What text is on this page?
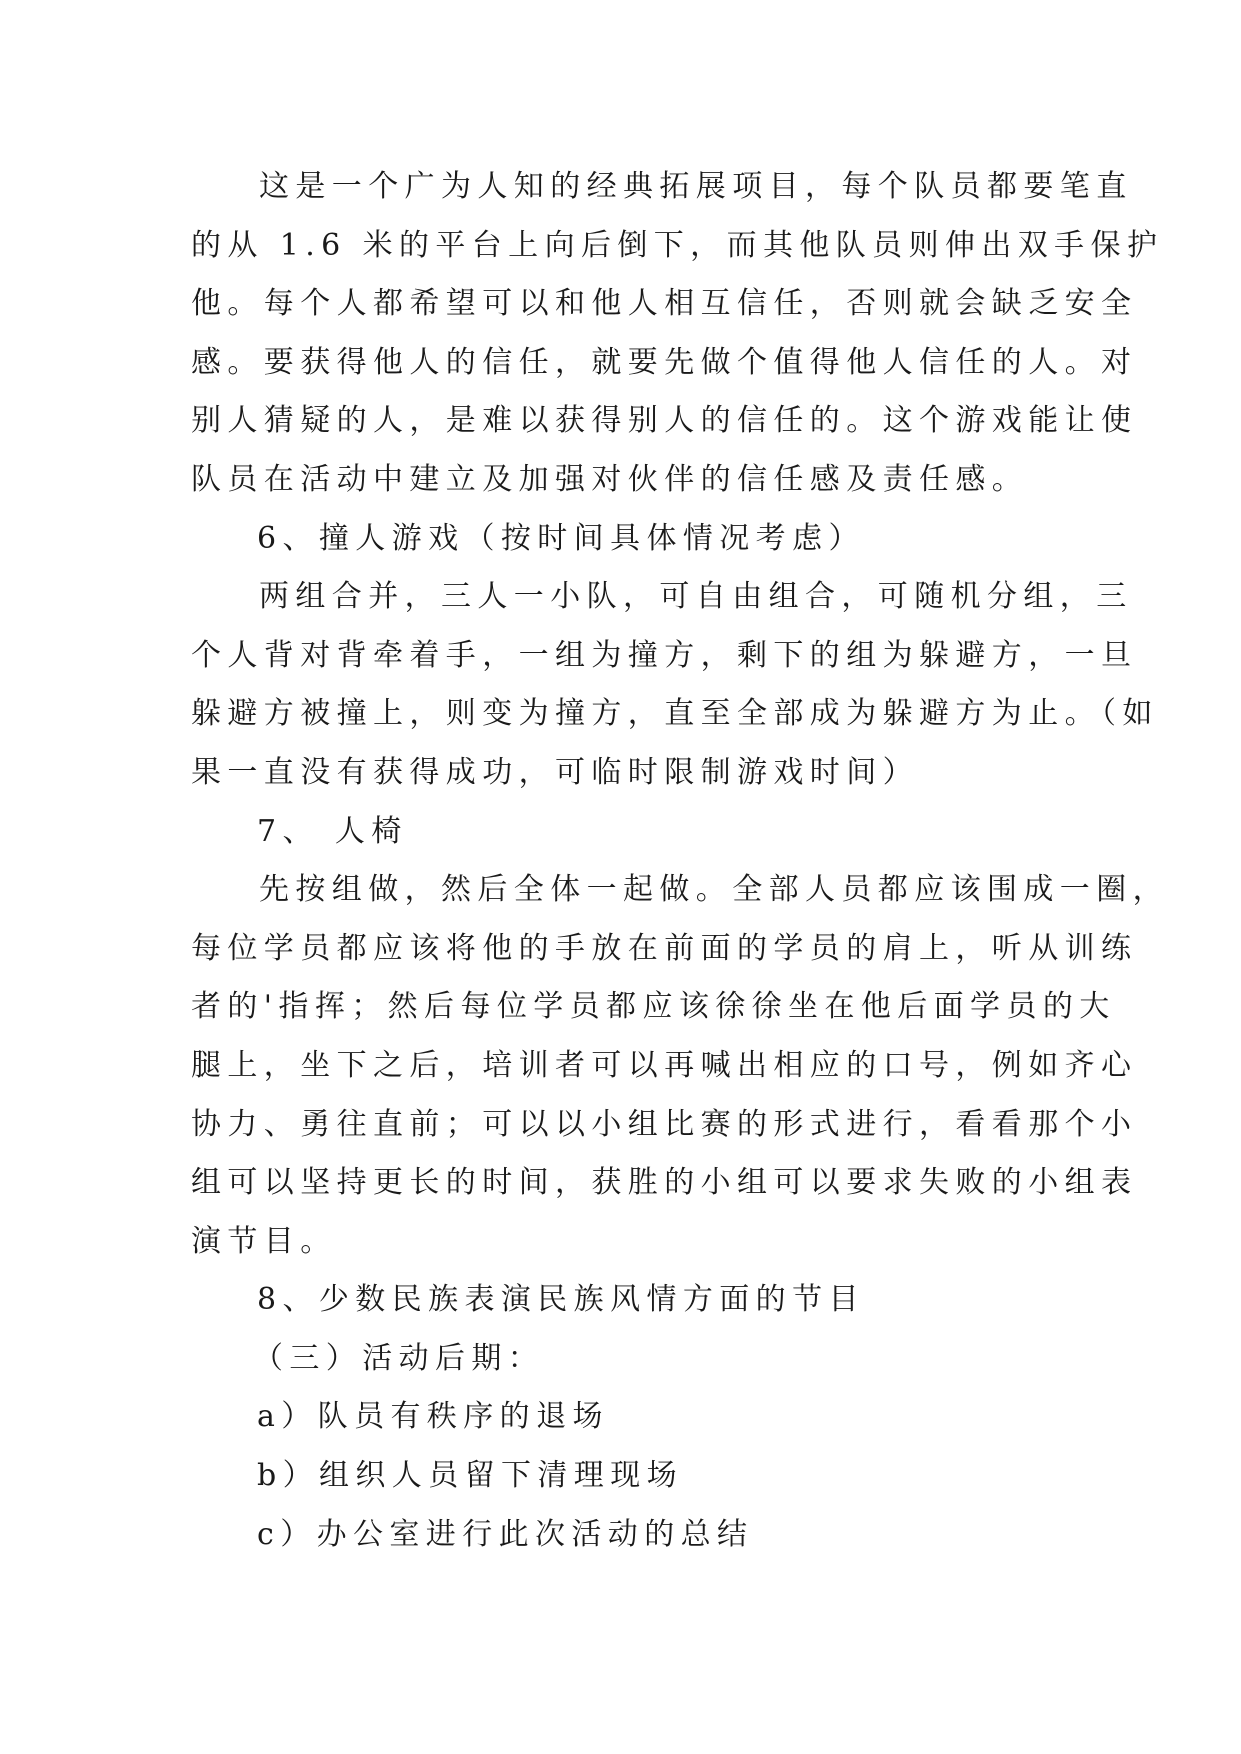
这是一个广为人知的经典拓展项目，每个队员都要笔直
的从 1.6 米的平台上向后倒下，而其他队员则伸出双手保护
他。每个人都希望可以和他人相互信任，否则就会缺乏安全
感。要获得他人的信任，就要先做个值得他人信任的人。对
别人猜疑的人，是难以获得别人的信任的。这个游戏能让使
队员在活动中建立及加强对伙伴的信任感及责任感。
6、撞人游戏（按时间具体情况考虑）
两组合并，三人一小队，可自由组合，可随机分组，三
个人背对背牵着手，一组为撞方，剩下的组为躲避方，一旦
躲避方被撞上，则变为撞方，直至全部成为躲避方为止。（如
果一直没有获得成功，可临时限制游戏时间）
7、 人椅
先按组做，然后全体一起做。全部人员都应该围成一圈，
每位学员都应该将他的手放在前面的学员的肩上，听从训练
者的'指挥；然后每位学员都应该徐徐坐在他后面学员的大
腿上，坐下之后，培训者可以再喊出相应的口号，例如齐心
协力、勇往直前；可以以小组比赛的形式进行，看看那个小
组可以坚持更长的时间，获胜的小组可以要求失败的小组表
演节目。
8、少数民族表演民族风情方面的节目
（三）活动后期：
a）队员有秩序的退场
b）组织人员留下清理现场
c）办公室进行此次活动的总结
